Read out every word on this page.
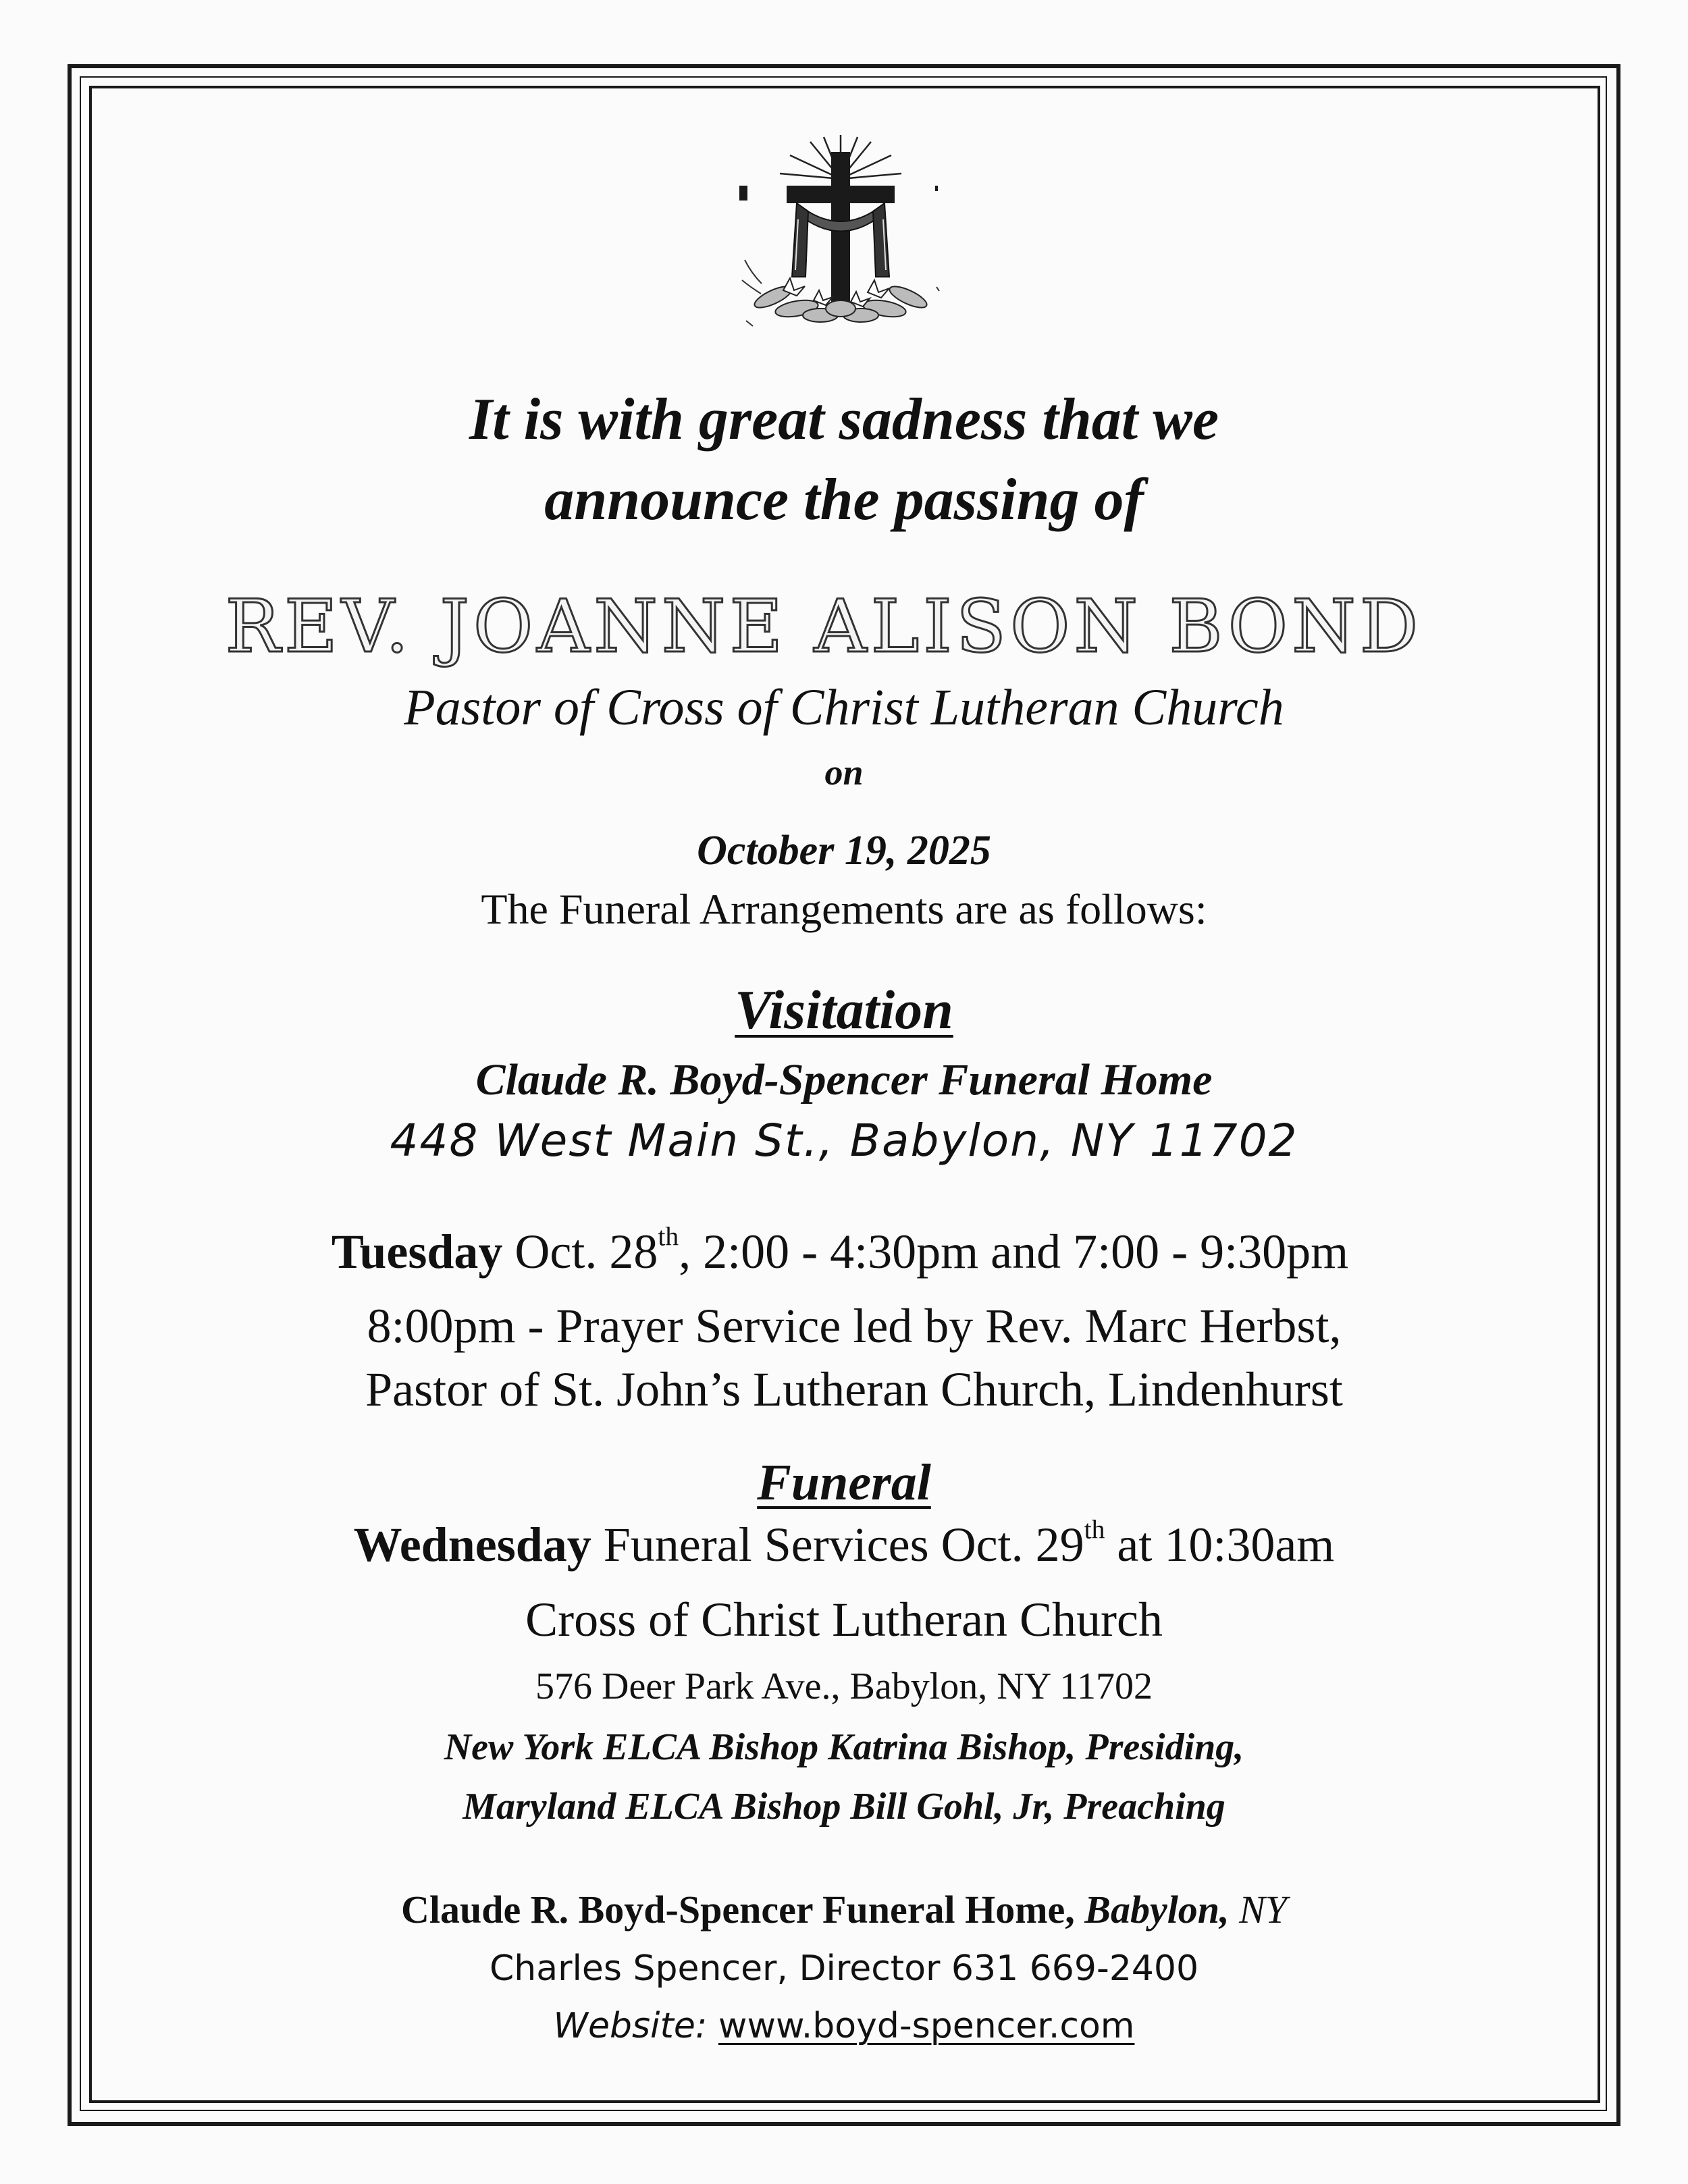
It is with great sadness that we
announce the passing of
REV. JOANNE ALISON BOND
Pastor of Cross of Christ Lutheran Church
on
October 19, 2025
The Funeral Arrangements are as follows:
Visitation
Claude R. Boyd-Spencer Funeral Home
448 West Main St., Babylon, NY 11702
Tuesday Oct. 28th, 2:00 - 4:30pm and 7:00 - 9:30pm
8:00pm - Prayer Service led by Rev. Marc Herbst,
Pastor of St. John’s Lutheran Church, Lindenhurst
Funeral
Wednesday Funeral Services Oct. 29th at 10:30am
Cross of Christ Lutheran Church
576 Deer Park Ave., Babylon, NY 11702
New York ELCA Bishop Katrina Bishop, Presiding,
Maryland ELCA Bishop Bill Gohl, Jr, Preaching
Claude R. Boyd-Spencer Funeral Home, Babylon, NY
Charles Spencer, Director 631 669-2400
Website: www.boyd-spencer.com
